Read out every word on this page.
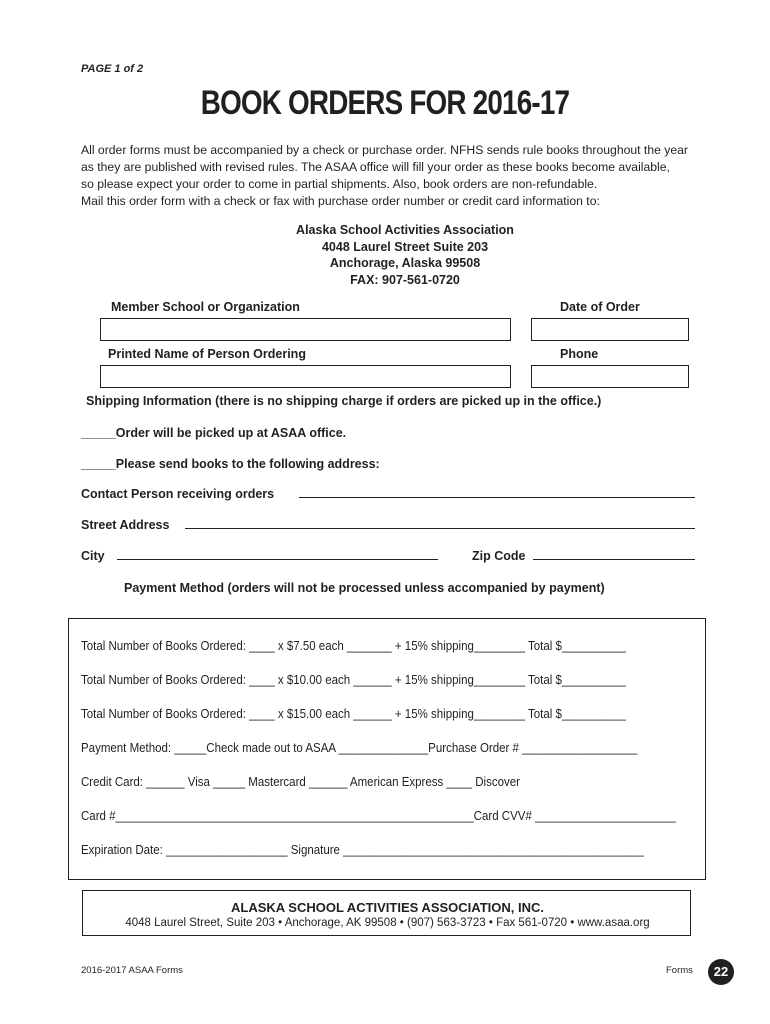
PAGE 1 of 2
BOOK ORDERS FOR 2016-17
All order forms must be accompanied by a check or purchase order. NFHS sends rule books throughout the year
as they are published with revised rules. The ASAA office will fill your order as these books become available,
so please expect your order to come in partial shipments. Also, book orders are non-refundable.
Mail this order form with a check or fax with purchase order number or credit card information to:
Alaska School Activities Association
4048 Laurel Street Suite 203
Anchorage, Alaska 99508
FAX: 907-561-0720
Member School or Organization	Date of Order
Printed Name of Person Ordering	Phone
Shipping Information (there is no shipping charge if orders are picked up in the office.)
_____Order will be picked up at ASAA office.
_____Please send books to the following address:
Contact Person receiving orders
Street Address
City	Zip Code
Payment Method (orders will not be processed unless accompanied by payment)
Total Number of Books Ordered: ____ x $7.50 each _______ + 15% shipping________ Total $__________
Total Number of Books Ordered: ____ x $10.00 each ______ + 15% shipping________ Total $__________
Total Number of Books Ordered: ____ x $15.00 each ______ + 15% shipping________ Total $__________
Payment Method: _____Check made out to ASAA ______________Purchase Order # __________________
Credit Card: ______ Visa _____ Mastercard ______ American Express ____ Discover
Card #________________________________________________________Card CVV# ______________________
Expiration Date: ___________________ Signature _______________________________________________
ALASKA SCHOOL ACTIVITIES ASSOCIATION, INC.
4048 Laurel Street, Suite 203 • Anchorage, AK 99508 • (907) 563-3723 • Fax 561-0720 • www.asaa.org
2016-2017 ASAA Forms	Forms	22
